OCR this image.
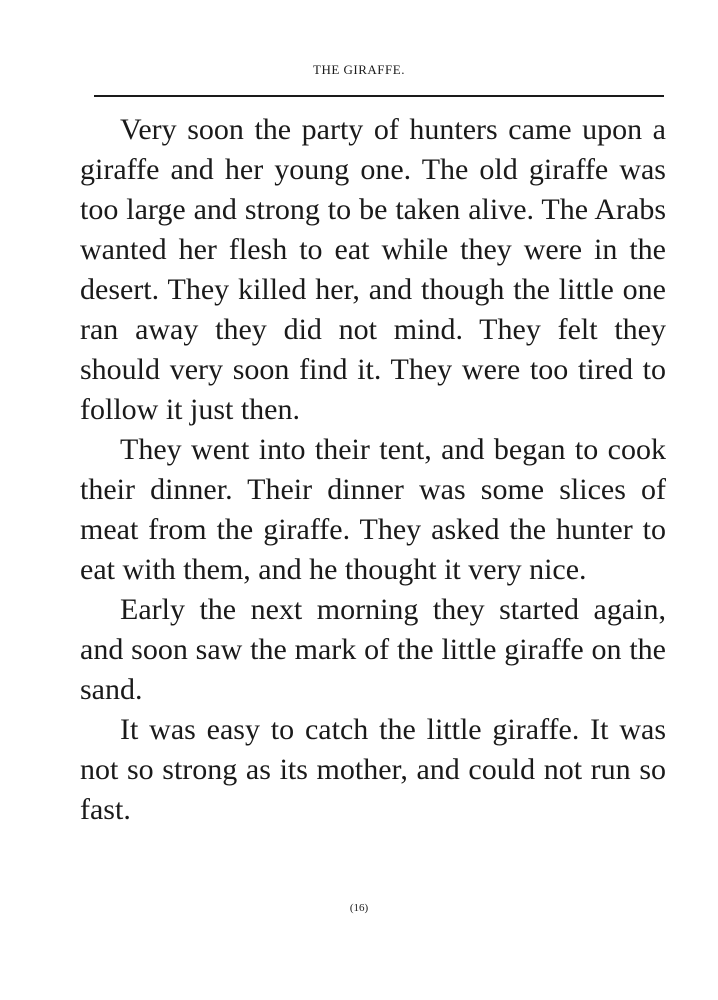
THE GIRAFFE.

Very soon the party of hunters came upon a giraffe and her young one. The old giraffe was too large and strong to be taken alive. The Arabs wanted her flesh to eat while they were in the desert. They killed her, and though the little one ran away they did not mind. They felt they should very soon find it. They were too tired to follow it just then.

They went into their tent, and began to cook their dinner. Their dinner was some slices of meat from the giraffe. They asked the hunter to eat with them, and he thought it very nice.

Early the next morning they started again, and soon saw the mark of the little giraffe on the sand.

It was easy to catch the little giraffe. It was not so strong as its mother, and could not run so fast.

(16)
